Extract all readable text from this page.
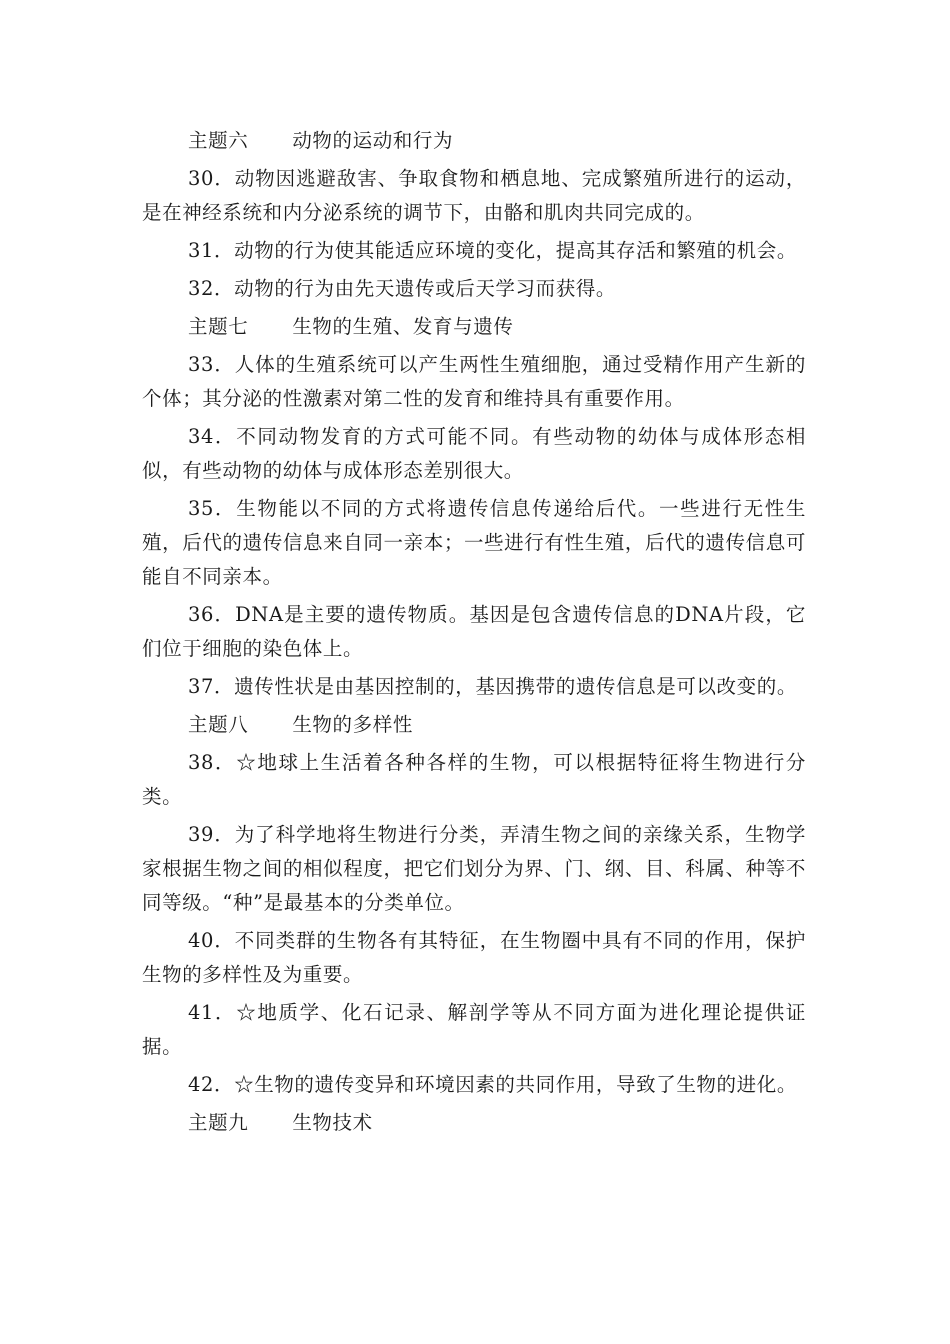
主题六 动物的运动和行为

30．动物因逃避敌害、争取食物和栖息地、完成繁殖所进行的运动，是在神经系统和内分泌系统的调节下，由骼和肌肉共同完成的。

31．动物的行为使其能适应环境的变化，提高其存活和繁殖的机会。

32．动物的行为由先天遗传或后天学习而获得。

主题七 生物的生殖、发育与遗传

33．人体的生殖系统可以产生两性生殖细胞，通过受精作用产生新的个体；其分泌的性激素对第二性的发育和维持具有重要作用。

34．不同动物发育的方式可能不同。有些动物的幼体与成体形态相似，有些动物的幼体与成体形态差别很大。

35．生物能以不同的方式将遗传信息传递给后代。一些进行无性生殖，后代的遗传信息来自同一亲本；一些进行有性生殖，后代的遗传信息可能自不同亲本。

36．DNA是主要的遗传物质。基因是包含遗传信息的DNA片段，它们位于细胞的染色体上。

37．遗传性状是由基因控制的，基因携带的遗传信息是可以改变的。

主题八 生物的多样性

38．☆地球上生活着各种各样的生物，可以根据特征将生物进行分类。

39．为了科学地将生物进行分类，弄清生物之间的亲缘关系，生物学家根据生物之间的相似程度，把它们划分为界、门、纲、目、科属、种等不同等级。“种”是最基本的分类单位。

40．不同类群的生物各有其特征，在生物圈中具有不同的作用，保护生物的多样性及为重要。

41．☆地质学、化石记录、解剖学等从不同方面为进化理论提供证据。

42．☆生物的遗传变异和环境因素的共同作用，导致了生物的进化。

主题九 生物技术
